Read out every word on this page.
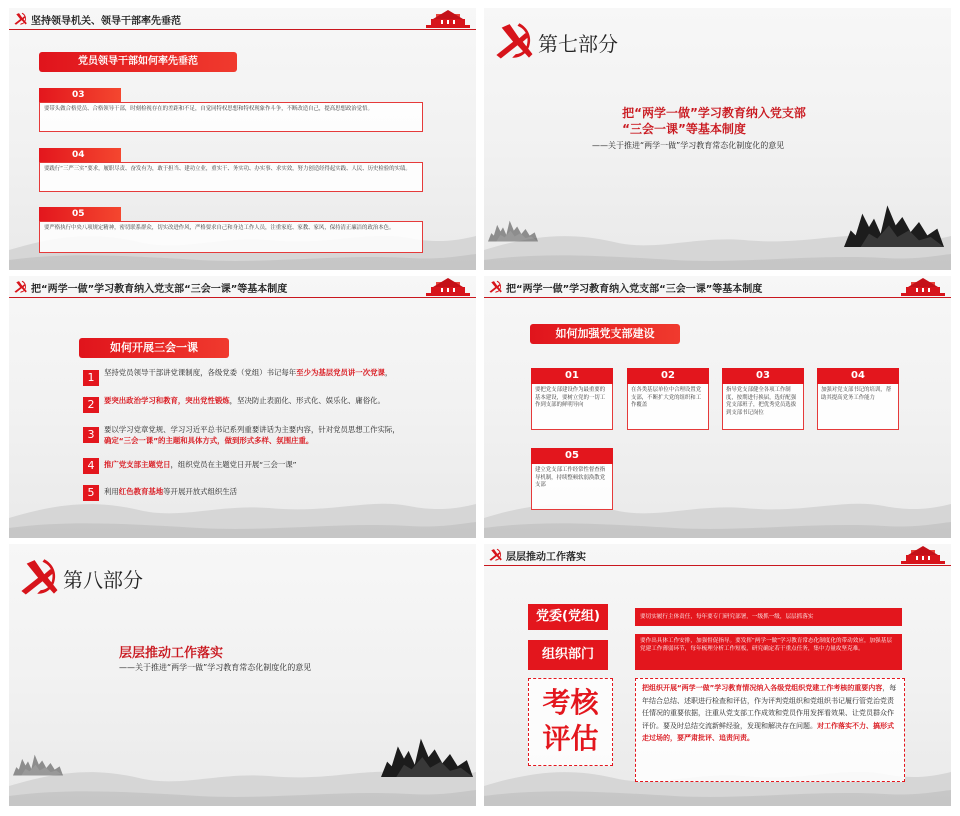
坚持领导机关、领导干部率先垂范
党员领导干部如何率先垂范
03
要带头做合格党员、合格领导干部，时刻检视存在的差距和不足，自觉同特权思想和特权现象作斗争，不断改造自己，提高思想政治觉悟。
04
要践行“三严三实”要求，履职尽责、奋发有为，敢于担当、建功立业，重实干、务实功、办实事、求实效，努力创造经得起实践、人民、历史检验的实绩。
05
要严格执行中央八项规定精神，密切联系群众，切实改进作风，严格要求自己和身边工作人员，注重家庭、家教、家风，保持清正廉洁的政治本色。
第七部分
把“两学一做”学习教育纳入党支部
“三会一课”等基本制度
——关于推进“两学一做”学习教育常态化制度化的意见
把“两学一做”学习教育纳入党支部“三会一课”等基本制度
如何开展三会一课
1	坚持党员领导干部讲党课制度，各级党委（党组）书记每年至少为基层党员讲一次党课，
2	要突出政治学习和教育，突出党性锻炼，坚决防止表面化、形式化、娱乐化、庸俗化。
3	要以学习党章党规、学习习近平总书记系列重要讲话为主要内容，针对党员思想工作实际，确定“三会一课”的主题和具体方式，做到形式多样、氛围庄重。
4	推广党支部主题党日，组织党员在主题党日开展“三会一课”
5	利用红色教育基地等开展开放式组织生活
把“两学一做”学习教育纳入党支部“三会一课”等基本制度
如何加强党支部建设
01
要把党支部建设作为最重要的基本建设，要树立党的一切工作到支部的鲜明导向
02
在各类基层单位中合理设置党支部，不断扩大党的组织和工作覆盖
03
指导党支部健全各项工作制度，按期进行换届，选好配强党支部班子，把优秀党员选拔到支部书记岗位
04
加强对党支部书记的培训，帮助其提高党务工作能力
05
建立党支部工作经常性督查指导机制，持续整顿软弱涣散党支部
第八部分
层层推动工作落实
——关于推进“两学一做”学习教育常态化制度化的意见
层层推动工作落实
党委(党组)	要切实履行主体责任，每年要专门研究部署，一级抓一级，层层抓落实
组织部门
要作出具体工作安排，加强督促指导。要发挥“两学一做”学习教育常态化制度化的带动效应，加强基层党建工作薄弱环节，每年梳理分析工作短板，研究确定若干重点任务，集中力量攻坚克难。
考核
评估
把组织开展“两学一做”学习教育情况纳入各级党组织党建工作考核的重要内容，每年结合总结、述职进行检查和评估，作为评判党组织和党组织书记履行管党治党责任情况的重要依据，注重从党支部工作成效和党员作用发挥看效果、让党员群众作评价。要及时总结交流新鲜经验，发现和解决存在问题。对工作落实不力、搞形式走过场的，要严肃批评、追责问责。
